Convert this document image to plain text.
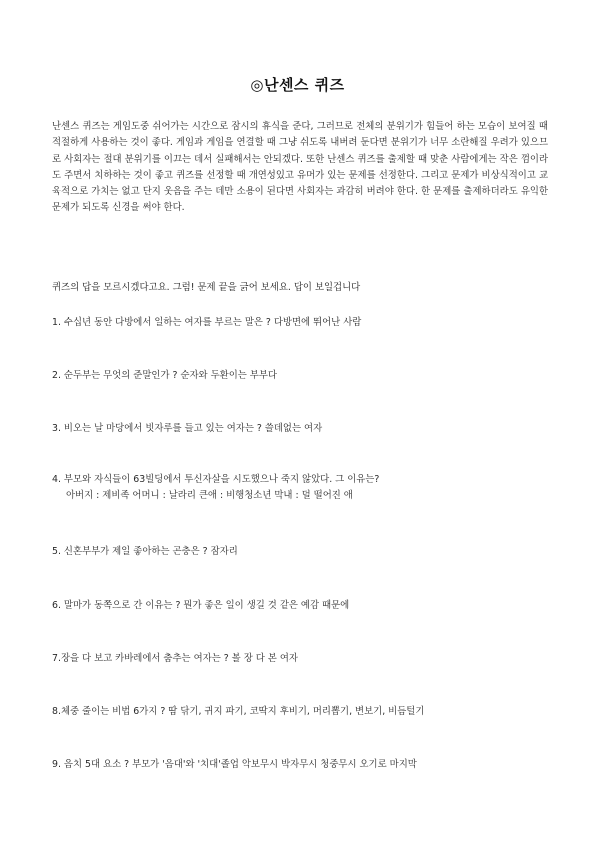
◎난센스 퀴즈

난센스 퀴즈는 게임도중 쉬어가는 시간으로 잠시의 휴식을 준다, 그러므로 전체의 분위기가 힘들어 하는 모습이 보여질 때 적절하게 사용하는 것이 좋다. 게임과 게임을 연결할 때 그냥 쉬도록 내버려 둔다면 분위기가 너무 소란해질 우려가 있으므로 사회자는 절대 분위기를 이끄는 데서 실패해서는 안되겠다. 또한 난센스 퀴즈를 출제할 때 맞춘 사람에게는 작은 껌이라도 주면서 치하하는 것이 좋고 퀴즈를 선정할 때 개연성있고 유머가 있는 문제를 선정한다. 그리고 문제가 비상식적이고 교육적으로 가치는 없고 단지 웃음을 주는 데만 소용이 된다면 사회자는 과감히 버려야 한다. 한 문제를 출제하더라도 유익한 문제가 되도록 신경을 써야 한다.

퀴즈의 답을 모르시겠다고요. 그럼! 문제 끝을 긁어 보세요. 답이 보일겁니다

1. 수십년 동안 다방에서 일하는 여자를 부르는 말은 ? 다방면에 뛰어난 사람

2. 순두부는 무엇의 준말인가 ? 순자와 두환이는 부부다

3. 비오는 날 마당에서 빗자루를 들고 있는 여자는 ? 쓸데없는 여자

4. 부모와 자식들이 63빌딩에서 투신자살을 시도했으나 죽지 않았다. 그 이유는?
아버지 : 제비족 어머니 : 날라리 큰애 : 비행청소년 막내 : 덜 떨어진 애

5. 신혼부부가 제일 좋아하는 곤충은 ? 잠자리

6. 말마가 동쪽으로 간 이유는 ? 뭔가 좋은 일이 생길 것 같은 예감 때문에

7.장을 다 보고 카바레에서 춤추는 여자는 ? 볼 장 다 본 여자

8.체중 줄이는 비법 6가지 ? 땀 닦기, 귀지 파기, 코딱지 후비기, 머리뽑기, 변보기, 비듬털기

9. 음치 5대 요소 ? 부모가 '음대'와 '치대'졸업 악보무시 박자무시 청중무시 오기로 마지막
